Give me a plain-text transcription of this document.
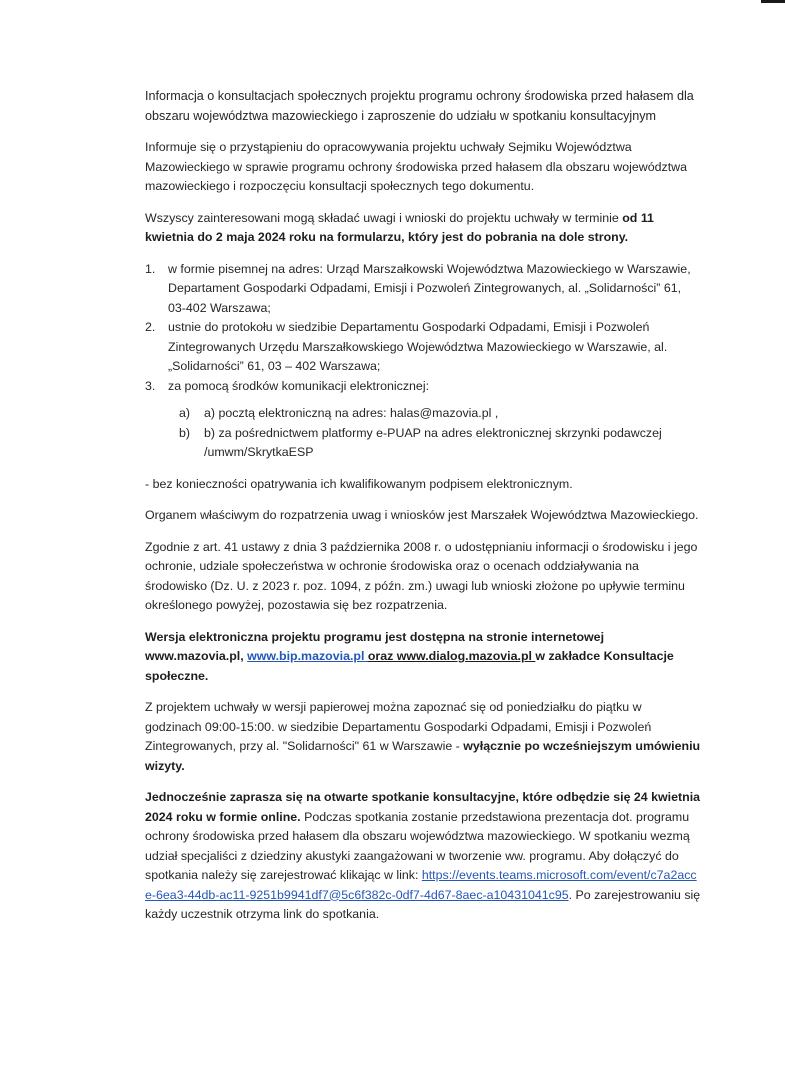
Informacja o konsultacjach społecznych projektu programu ochrony środowiska przed hałasem dla obszaru województwa mazowieckiego i zaproszenie do udziału w spotkaniu konsultacyjnym

Informuje się o przystąpieniu do opracowywania projektu uchwały Sejmiku Województwa Mazowieckiego w sprawie programu ochrony środowiska przed hałasem dla obszaru województwa mazowieckiego i rozpoczęciu konsultacji społecznych tego dokumentu.

Wszyscy zainteresowani mogą składać uwagi i wnioski do projektu uchwały w terminie od 11 kwietnia do 2 maja 2024 roku na formularzu, który jest do pobrania na dole strony.

1. w formie pisemnej na adres: Urząd Marszałkowski Województwa Mazowieckiego w Warszawie, Departament Gospodarki Odpadami, Emisji i Pozwoleń Zintegrowanych, al. „Solidarności” 61, 03-402 Warszawa;
2. ustnie do protokołu w siedzibie Departamentu Gospodarki Odpadami, Emisji i Pozwoleń Zintegrowanych Urzędu Marszałkowskiego Województwa Mazowieckiego w Warszawie, al. „Solidarności” 61, 03 – 402 Warszawa;
3. za pomocą środków komunikacji elektronicznej:
a) a) pocztą elektroniczną na adres: halas@mazovia.pl ,
b) b) za pośrednictwem platformy e-PUAP na adres elektronicznej skrzynki podawczej /umwm/SkrytkaESP

- bez konieczności opatrywania ich kwalifikowanym podpisem elektronicznym.

Organem właściwym do rozpatrzenia uwag i wniosków jest Marszałek Województwa Mazowieckiego.

Zgodnie z art. 41 ustawy z dnia 3 października 2008 r. o udostępnianiu informacji o środowisku i jego ochronie, udziale społeczeństwa w ochronie środowiska oraz o ocenach oddziaływania na środowisko (Dz. U. z 2023 r. poz. 1094, z późn. zm.) uwagi lub wnioski złożone po upływie terminu określonego powyżej, pozostawia się bez rozpatrzenia.

Wersja elektroniczna projektu programu jest dostępna na stronie internetowej www.mazovia.pl, www.bip.mazovia.pl oraz www.dialog.mazovia.pl w zakładce Konsultacje społeczne.

Z projektem uchwały w wersji papierowej można zapoznać się od poniedziałku do piątku w godzinach 09:00-15:00. w siedzibie Departamentu Gospodarki Odpadami, Emisji i Pozwoleń Zintegrowanych, przy al. "Solidarności" 61 w Warszawie - wyłącznie po wcześniejszym umówieniu wizyty.

Jednocześnie zaprasza się na otwarte spotkanie konsultacyjne, które odbędzie się 24 kwietnia 2024 roku w formie online. Podczas spotkania zostanie przedstawiona prezentacja dot. programu ochrony środowiska przed hałasem dla obszaru województwa mazowieckiego. W spotkaniu wezmą udział specjaliści z dziedziny akustyki zaangażowani w tworzenie ww. programu. Aby dołączyć do spotkania należy się zarejestrować klikając w link: https://events.teams.microsoft.com/event/c7a2acce-6ea3-44db-ac11-9251b9941df7@5c6f382c-0df7-4d67-8aec-a10431041c95. Po zarejestrowaniu się każdy uczestnik otrzyma link do spotkania.
